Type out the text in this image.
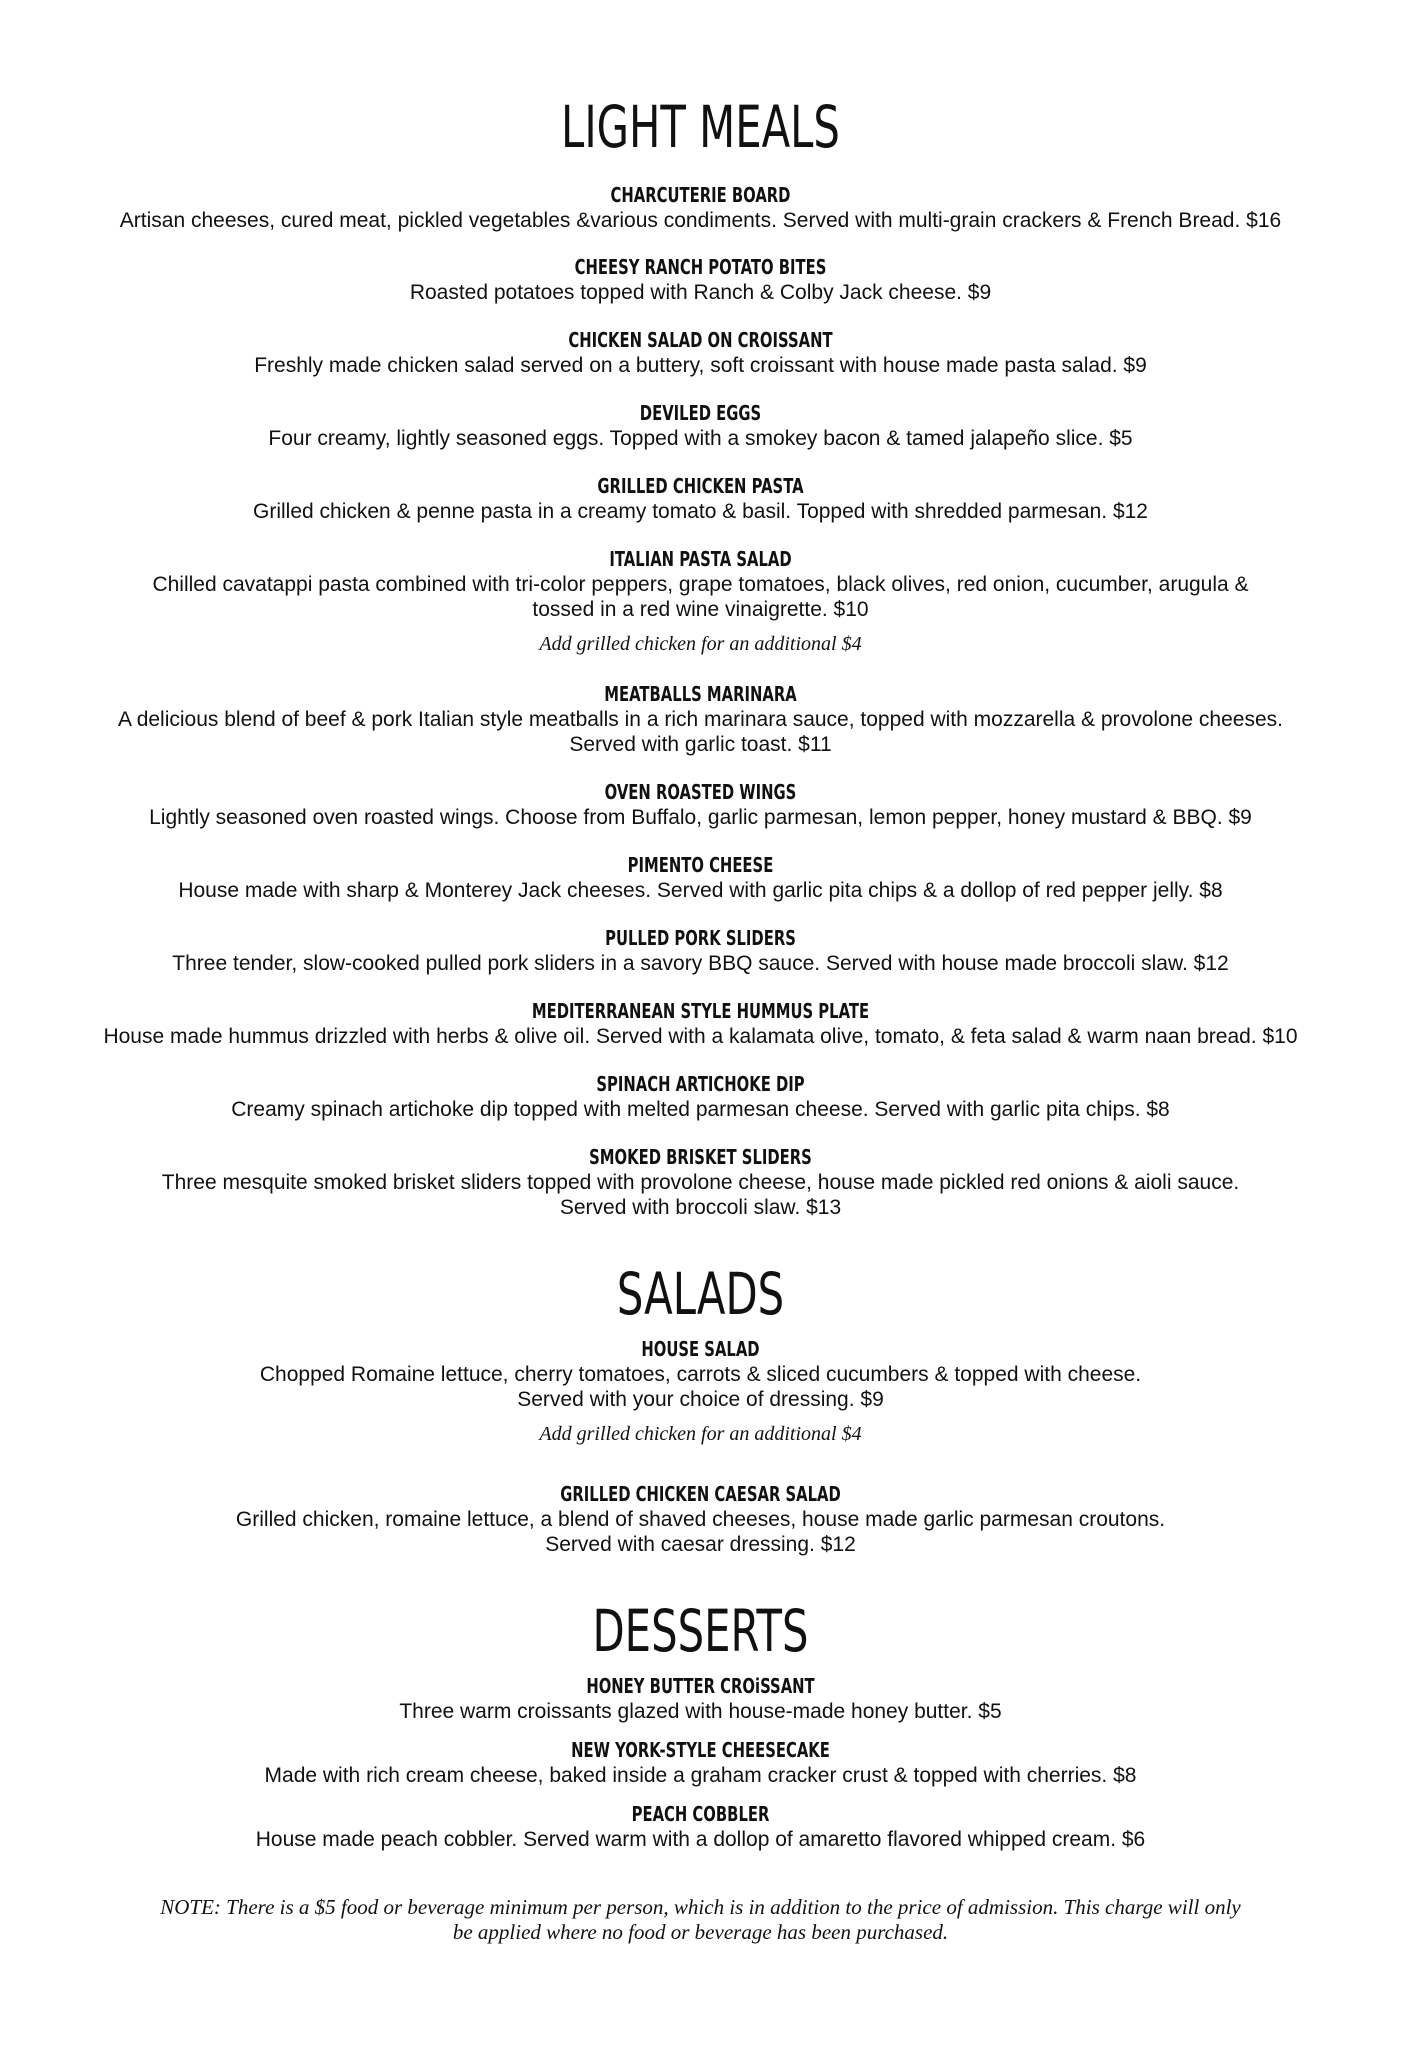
LIGHT MEALS
CHARCUTERIE BOARD
Artisan cheeses, cured meat, pickled vegetables &various condiments. Served with multi-grain crackers & French Bread. $16
CHEESY RANCH POTATO BITES
Roasted potatoes topped with Ranch & Colby Jack cheese. $9
CHICKEN SALAD ON CROISSANT
Freshly made chicken salad served on a buttery, soft croissant with house made pasta salad. $9
DEVILED EGGS
Four creamy, lightly seasoned eggs. Topped with a smokey bacon & tamed jalapeño slice. $5
GRILLED CHICKEN PASTA
Grilled chicken & penne pasta in a creamy tomato & basil. Topped with shredded parmesan. $12
ITALIAN PASTA SALAD
Chilled cavatappi pasta combined with tri-color peppers, grape tomatoes, black olives, red onion, cucumber, arugula &
tossed in a red wine vinaigrette. $10
Add grilled chicken for an additional $4
MEATBALLS MARINARA
A delicious blend of beef & pork Italian style meatballs in a rich marinara sauce, topped with mozzarella & provolone cheeses.
Served with garlic toast. $11
OVEN ROASTED WINGS
Lightly seasoned oven roasted wings. Choose from Buffalo, garlic parmesan, lemon pepper, honey mustard & BBQ. $9
PIMENTO CHEESE
House made with sharp & Monterey Jack cheeses. Served with garlic pita chips & a dollop of red pepper jelly. $8
PULLED PORK SLIDERS
Three tender, slow-cooked pulled pork sliders in a savory BBQ sauce. Served with house made broccoli slaw. $12
MEDITERRANEAN STYLE HUMMUS PLATE
House made hummus drizzled with herbs & olive oil. Served with a kalamata olive, tomato, & feta salad & warm naan bread. $10
SPINACH ARTICHOKE DIP
Creamy spinach artichoke dip topped with melted parmesan cheese. Served with garlic pita chips. $8
SMOKED BRISKET SLIDERS
Three mesquite smoked brisket sliders topped with provolone cheese, house made pickled red onions & aioli sauce.
Served with broccoli slaw. $13
SALADS
HOUSE SALAD
Chopped Romaine lettuce, cherry tomatoes, carrots & sliced cucumbers & topped with cheese.
Served with your choice of dressing. $9
Add grilled chicken for an additional $4
GRILLED CHICKEN CAESAR SALAD
Grilled chicken, romaine lettuce, a blend of shaved cheeses, house made garlic parmesan croutons.
Served with caesar dressing. $12
DESSERTS
HONEY BUTTER CROiSSANT
Three warm croissants glazed with house-made honey butter. $5
NEW YORK-STYLE CHEESECAKE
Made with rich cream cheese, baked inside a graham cracker crust & topped with cherries. $8
PEACH COBBLER
House made peach cobbler. Served warm with a dollop of amaretto flavored whipped cream. $6
NOTE: There is a $5 food or beverage minimum per person, which is in addition to the price of admission. This charge will only
be applied where no food or beverage has been purchased.
